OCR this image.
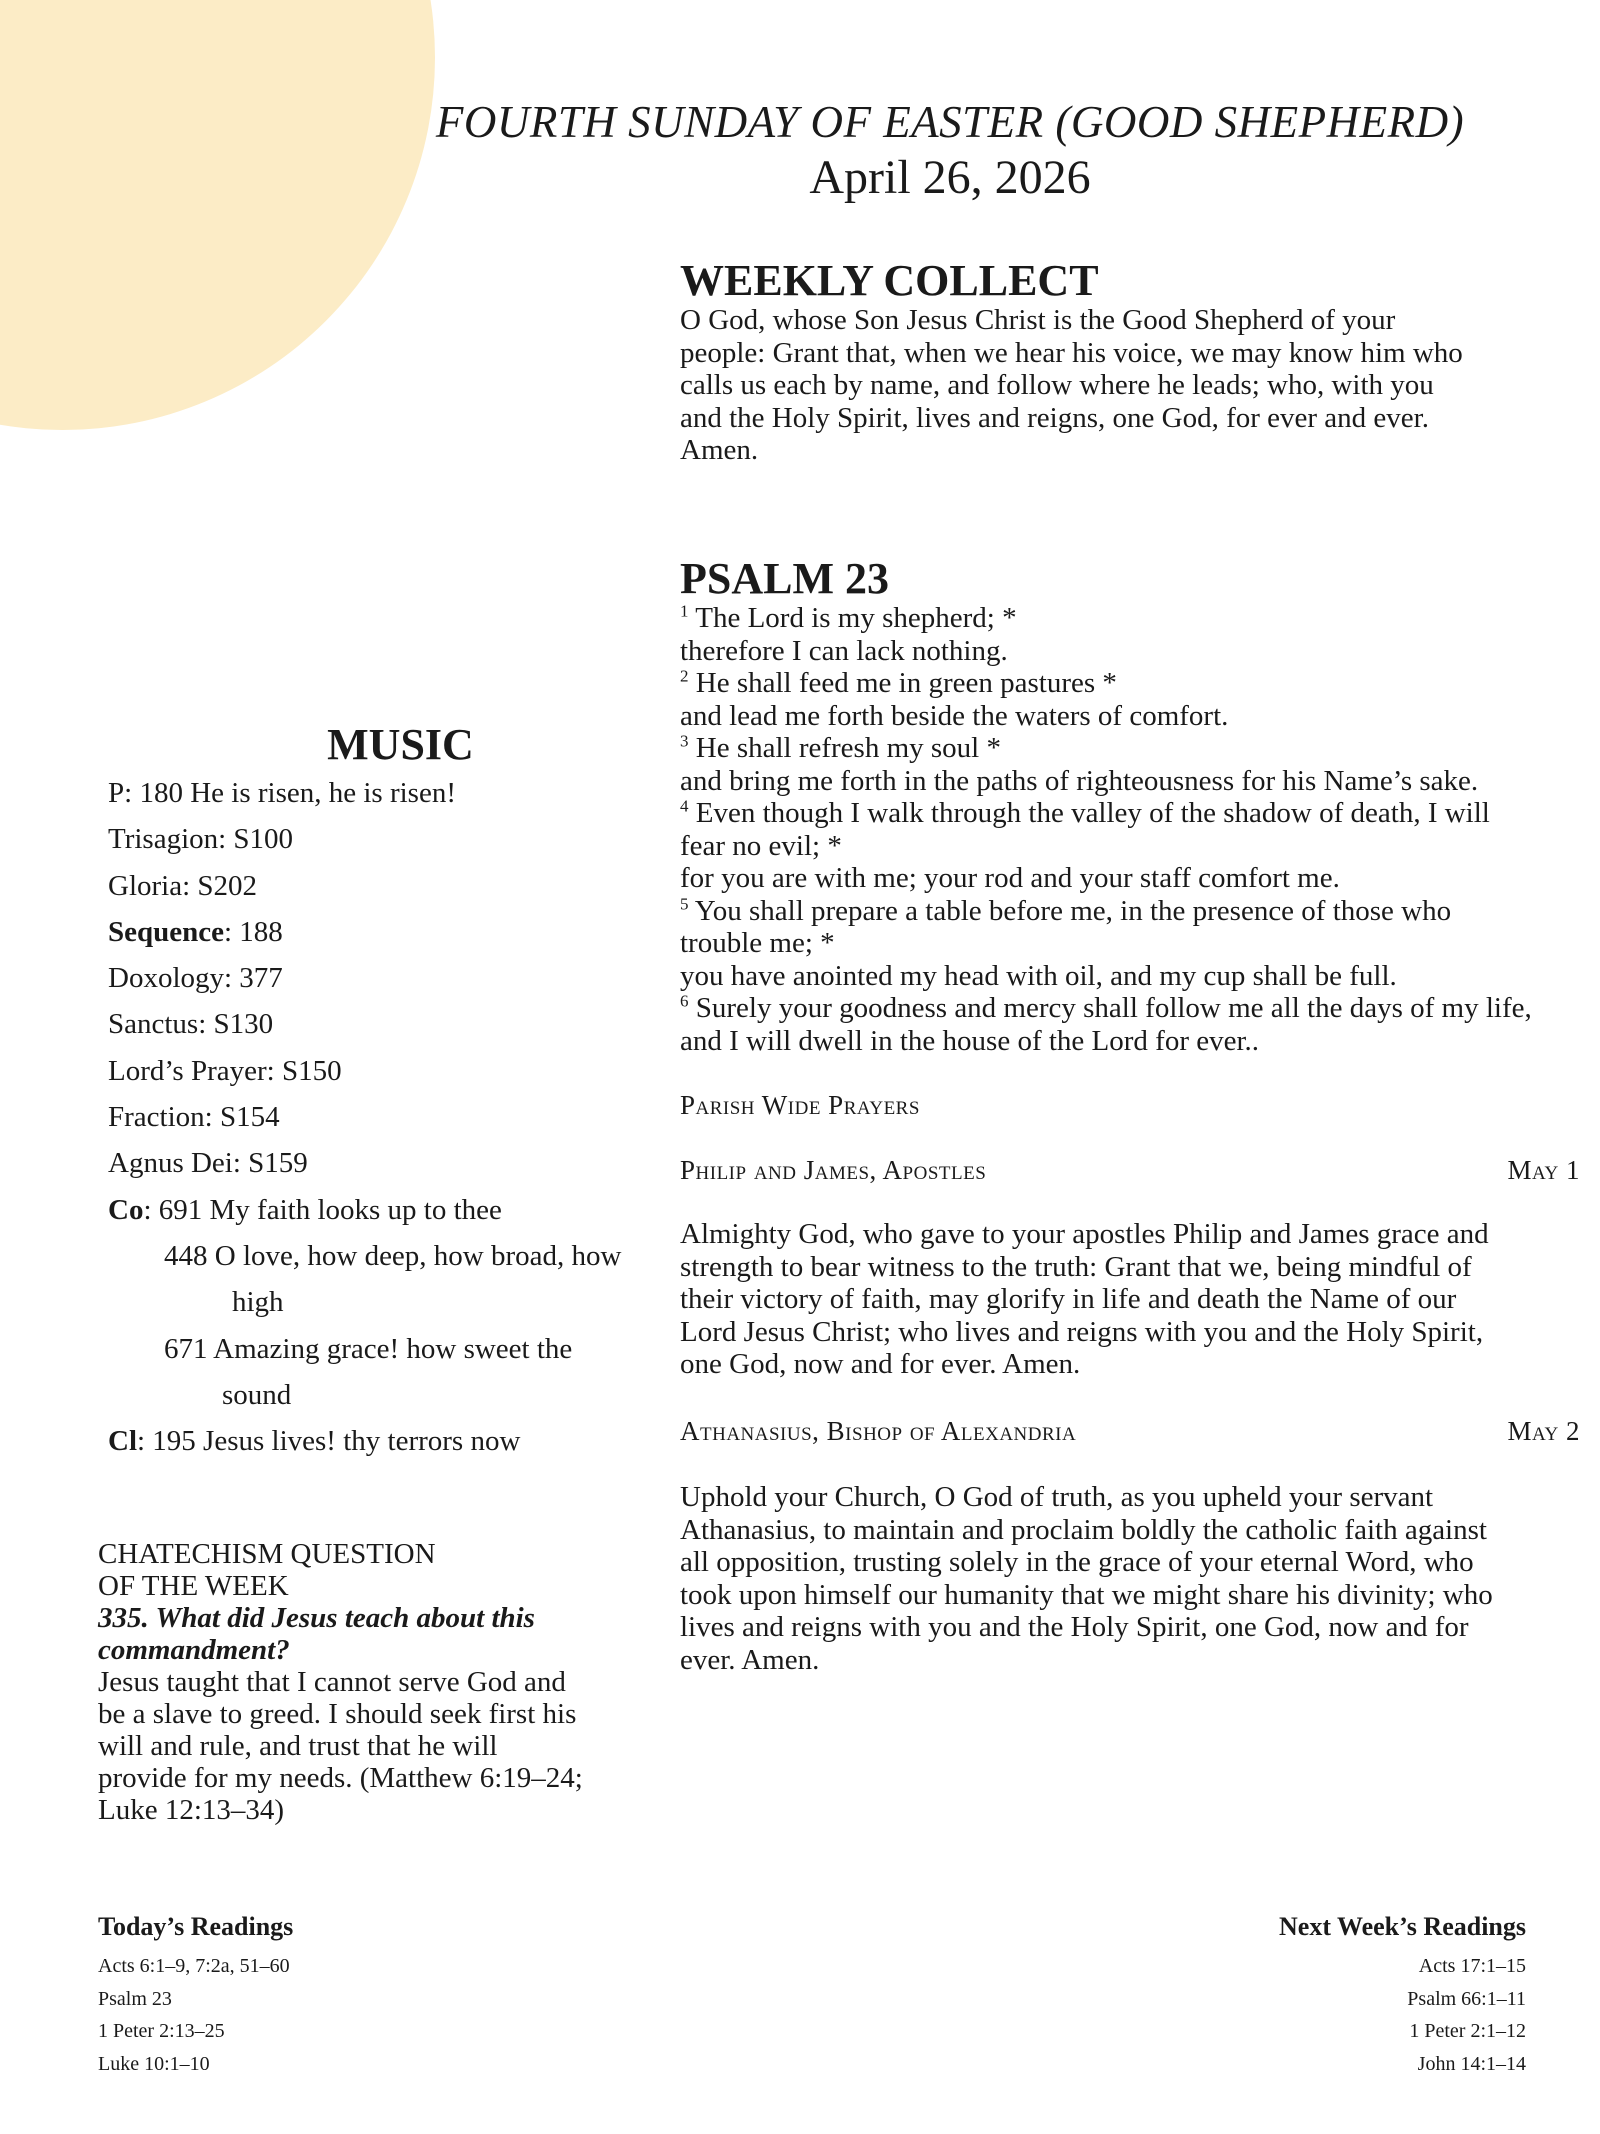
FOURTH SUNDAY OF EASTER (GOOD SHEPHERD)
April 26, 2026
WEEKLY COLLECT
O God, whose Son Jesus Christ is the Good Shepherd of your
people: Grant that, when we hear his voice, we may know him who
calls us each by name, and follow where he leads; who, with you
and the Holy Spirit, lives and reigns, one God, for ever and ever.
Amen.
PSALM 23
$^1$ The Lord is my shepherd; *
therefore I can lack nothing.
$^2$ He shall feed me in green pastures *
and lead me forth beside the waters of comfort.
$^3$ He shall refresh my soul *
and bring me forth in the paths of righteousness for his Name’s sake.
$^4$ Even though I walk through the valley of the shadow of death, I will
fear no evil; *
for you are with me; your rod and your staff comfort me.
$^5$ You shall prepare a table before me, in the presence of those who
trouble me; *
you have anointed my head with oil, and my cup shall be full.
$^6$ Surely your goodness and mercy shall follow me all the days of my life,
and I will dwell in the house of the Lord for ever..
Parish Wide Prayers
Philip and James, Apostles	May 1
Almighty God, who gave to your apostles Philip and James grace and
strength to bear witness to the truth: Grant that we, being mindful of
their victory of faith, may glorify in life and death the Name of our
Lord Jesus Christ; who lives and reigns with you and the Holy Spirit,
one God, now and for ever. Amen.
Athanasius, Bishop of Alexandria	May 2
Uphold your Church, O God of truth, as you upheld your servant
Athanasius, to maintain and proclaim boldly the catholic faith against
all opposition, trusting solely in the grace of your eternal Word, who
took upon himself our humanity that we might share his divinity; who
lives and reigns with you and the Holy Spirit, one God, now and for
ever. Amen.
MUSIC
P: 180 He is risen, he is risen!
Trisagion: S100
Gloria: S202
Sequence: 188
Doxology: 377
Sanctus: S130
Lord’s Prayer: S150
Fraction: S154
Agnus Dei: S159
Co: 691 My faith looks up to thee
448 O love, how deep, how broad, how
high
671 Amazing grace! how sweet the
sound
Cl: 195 Jesus lives! thy terrors now
CHATECHISM QUESTION
OF THE WEEK
335. What did Jesus teach about this
commandment?
Jesus taught that I cannot serve God and
be a slave to greed. I should seek first his
will and rule, and trust that he will
provide for my needs. (Matthew 6:19–24;
Luke 12:13–34)
Today’s Readings
Acts 6:1–9, 7:2a, 51–60
Psalm 23
1 Peter 2:13–25
Luke 10:1–10
Next Week’s Readings
Acts 17:1–15
Psalm 66:1–11
1 Peter 2:1–12
John 14:1–14
